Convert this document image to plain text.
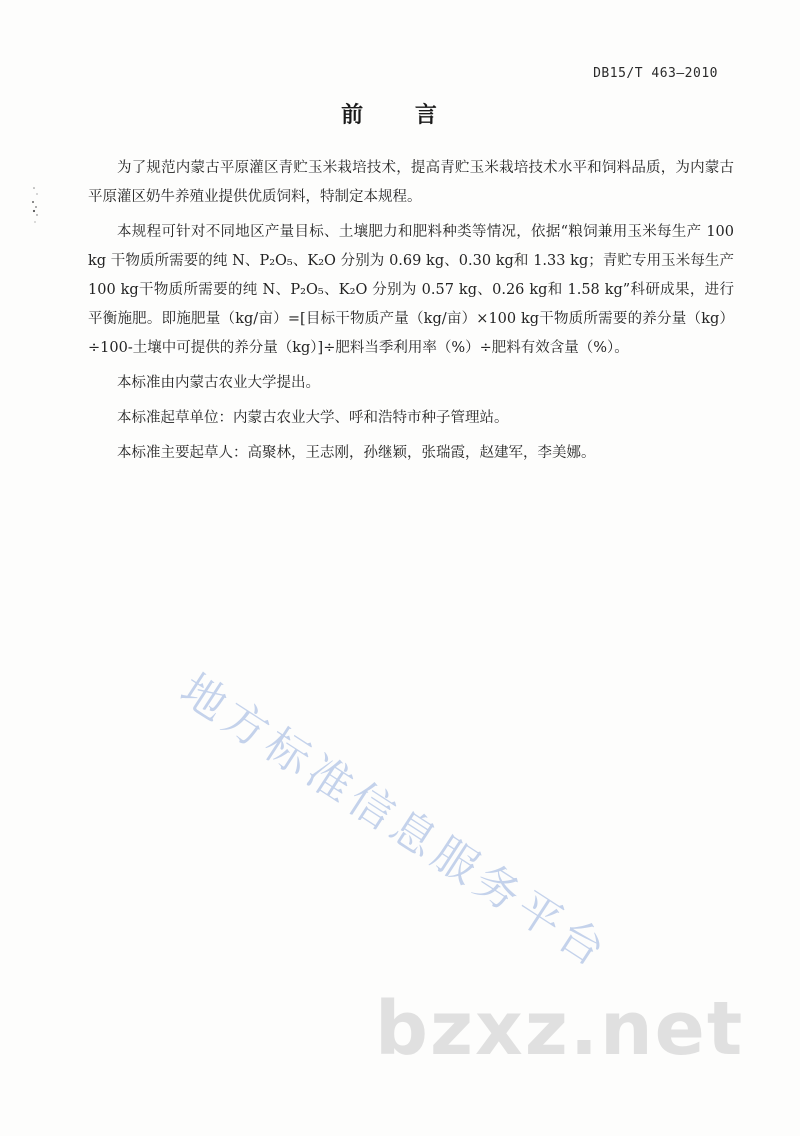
DB15/T 463—2010
前 言

为了规范内蒙古平原灌区青贮玉米栽培技术，提高青贮玉米栽培技术水平和饲料品质，为内蒙古平原灌区奶牛养殖业提供优质饲料，特制定本规程。

本规程可针对不同地区产量目标、土壤肥力和肥料种类等情况，依据“粮饲兼用玉米每生产 100 kg 干物质所需要的纯 N、P₂O₅、K₂O 分别为 0.69 kg、0.30 kg和 1.33 kg；青贮专用玉米每生产 100 kg干物质所需要的纯 N、P₂O₅、K₂O 分别为 0.57 kg、0.26 kg和 1.58 kg”科研成果，进行平衡施肥。即施肥量（kg/亩）=[目标干物质产量（kg/亩）×100 kg干物质所需要的养分量（kg）÷100-土壤中可提供的养分量（kg）]÷肥料当季利用率（%）÷肥料有效含量（%）。

本标准由内蒙古农业大学提出。

本标准起草单位：内蒙古农业大学、呼和浩特市种子管理站。

本标准主要起草人：高聚林，王志刚，孙继颖，张瑞霞，赵建军，李美娜。

地方标准信息服务平台
bzxz.net
